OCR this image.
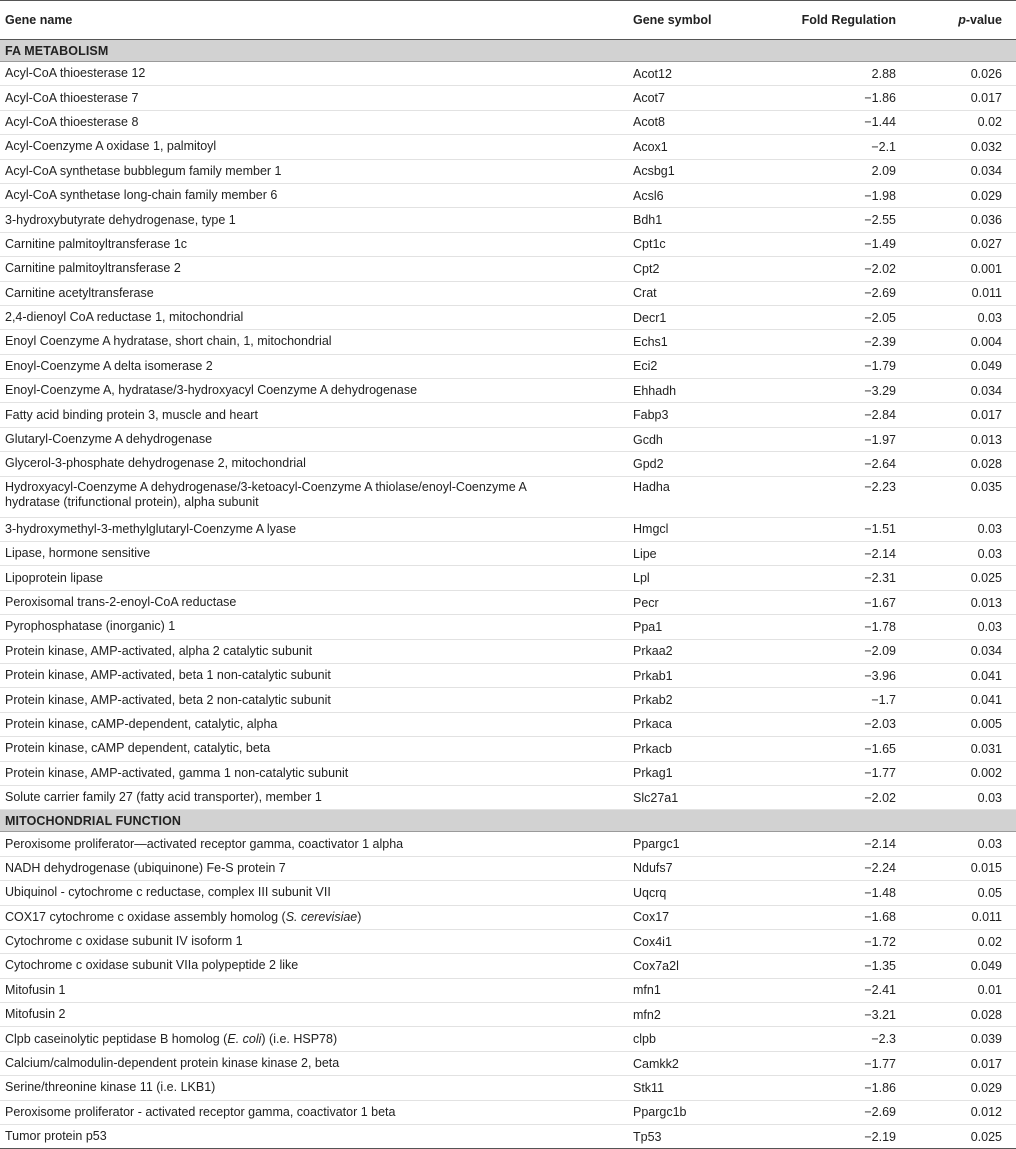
Gene name	Gene symbol	Fold Regulation	p-value
FA METABOLISM			
Acyl-CoA thioesterase 12	Acot12	2.88	0.026
Acyl-CoA thioesterase 7	Acot7	−1.86	0.017
Acyl-CoA thioesterase 8	Acot8	−1.44	0.02
Acyl-Coenzyme A oxidase 1, palmitoyl	Acox1	−2.1	0.032
Acyl-CoA synthetase bubblegum family member 1	Acsbg1	2.09	0.034
Acyl-CoA synthetase long-chain family member 6	Acsl6	−1.98	0.029
3-hydroxybutyrate dehydrogenase, type 1	Bdh1	−2.55	0.036
Carnitine palmitoyltransferase 1c	Cpt1c	−1.49	0.027
Carnitine palmitoyltransferase 2	Cpt2	−2.02	0.001
Carnitine acetyltransferase	Crat	−2.69	0.011
2,4-dienoyl CoA reductase 1, mitochondrial	Decr1	−2.05	0.03
Enoyl Coenzyme A hydratase, short chain, 1, mitochondrial	Echs1	−2.39	0.004
Enoyl-Coenzyme A delta isomerase 2	Eci2	−1.79	0.049
Enoyl-Coenzyme A, hydratase/3-hydroxyacyl Coenzyme A dehydrogenase	Ehhadh	−3.29	0.034
Fatty acid binding protein 3, muscle and heart	Fabp3	−2.84	0.017
Glutaryl-Coenzyme A dehydrogenase	Gcdh	−1.97	0.013
Glycerol-3-phosphate dehydrogenase 2, mitochondrial	Gpd2	−2.64	0.028
Hydroxyacyl-Coenzyme A dehydrogenase/3-ketoacyl-Coenzyme A thiolase/enoyl-Coenzyme A hydratase (trifunctional protein), alpha subunit	Hadha	−2.23	0.035
3-hydroxymethyl-3-methylglutaryl-Coenzyme A lyase	Hmgcl	−1.51	0.03
Lipase, hormone sensitive	Lipe	−2.14	0.03
Lipoprotein lipase	Lpl	−2.31	0.025
Peroxisomal trans-2-enoyl-CoA reductase	Pecr	−1.67	0.013
Pyrophosphatase (inorganic) 1	Ppa1	−1.78	0.03
Protein kinase, AMP-activated, alpha 2 catalytic subunit	Prkaa2	−2.09	0.034
Protein kinase, AMP-activated, beta 1 non-catalytic subunit	Prkab1	−3.96	0.041
Protein kinase, AMP-activated, beta 2 non-catalytic subunit	Prkab2	−1.7	0.041
Protein kinase, cAMP-dependent, catalytic, alpha	Prkaca	−2.03	0.005
Protein kinase, cAMP dependent, catalytic, beta	Prkacb	−1.65	0.031
Protein kinase, AMP-activated, gamma 1 non-catalytic subunit	Prkag1	−1.77	0.002
Solute carrier family 27 (fatty acid transporter), member 1	Slc27a1	−2.02	0.03
MITOCHONDRIAL FUNCTION			
Peroxisome proliferator—activated receptor gamma, coactivator 1 alpha	Ppargc1	−2.14	0.03
NADH dehydrogenase (ubiquinone) Fe-S protein 7	Ndufs7	−2.24	0.015
Ubiquinol - cytochrome c reductase, complex III subunit VII	Uqcrq	−1.48	0.05
COX17 cytochrome c oxidase assembly homolog (S. cerevisiae)	Cox17	−1.68	0.011
Cytochrome c oxidase subunit IV isoform 1	Cox4i1	−1.72	0.02
Cytochrome c oxidase subunit VIIa polypeptide 2 like	Cox7a2l	−1.35	0.049
Mitofusin 1	mfn1	−2.41	0.01
Mitofusin 2	mfn2	−3.21	0.028
Clpb caseinolytic peptidase B homolog (E. coli) (i.e. HSP78)	clpb	−2.3	0.039
Calcium/calmodulin-dependent protein kinase kinase 2, beta	Camkk2	−1.77	0.017
Serine/threonine kinase 11 (i.e. LKB1)	Stk11	−1.86	0.029
Peroxisome proliferator - activated receptor gamma, coactivator 1 beta	Ppargc1b	−2.69	0.012
Tumor protein p53	Tp53	−2.19	0.025
